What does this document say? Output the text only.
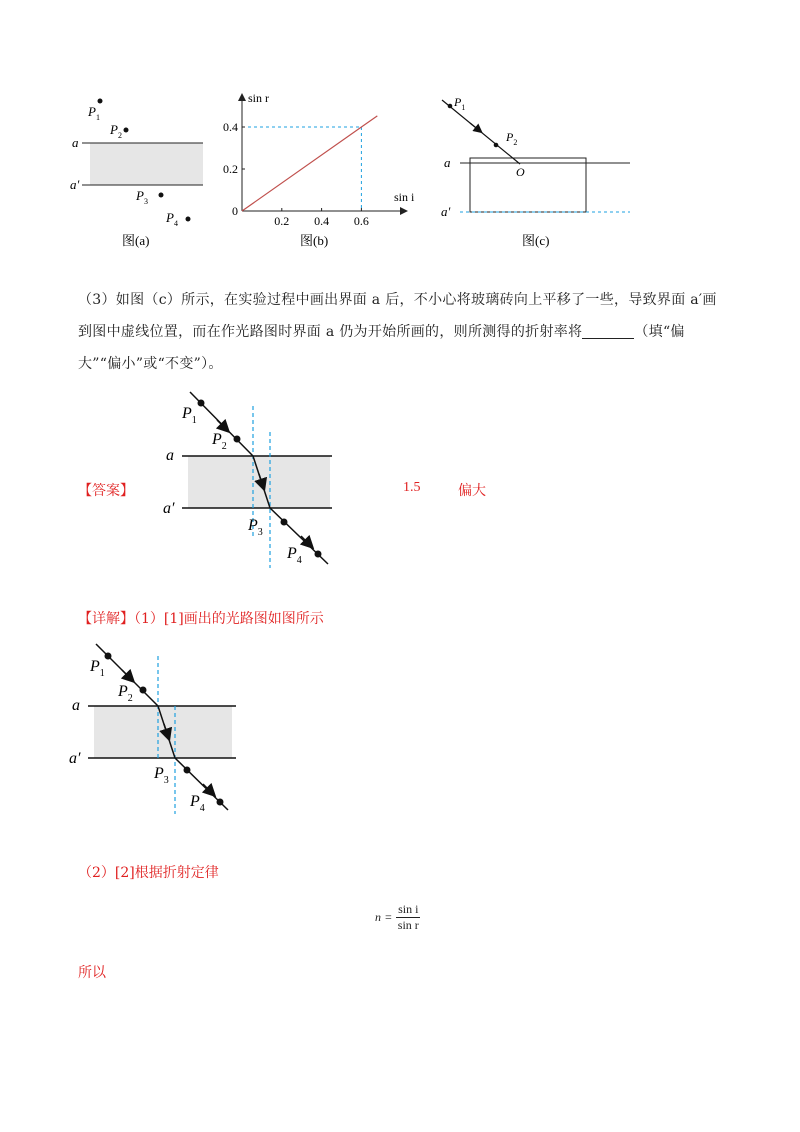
$P_1$
$P_2$
$P_3$
$P_4$
a
a′
图(a)
0.2 0.4 0.6
0.2
0.4
0
sin i
sin r
图(b)
$P_1$
$P_2$
O
a
a′
图(c)
（3）如图（c）所示，在实验过程中画出界面 a 后，不小心将玻璃砖向上平移了一些，导致界面 a′画到图中虚线位置，而在作光路图时界面 a 仍为开始所画的，则所测得的折射率将	（填“偏大”“偏小”或“不变”）。
【答案】	1.5	偏大
$P_1$
$P_2$
$P_3$
$P_4$
a
a′
【详解】（1）[1]画出的光路图如图所示
$P_1$
$P_2$
$P_3$
$P_4$
a
a′
（2）[2]根据折射定律
$n = \frac{\text{sin i}}{\text{sin r}}$
所以
